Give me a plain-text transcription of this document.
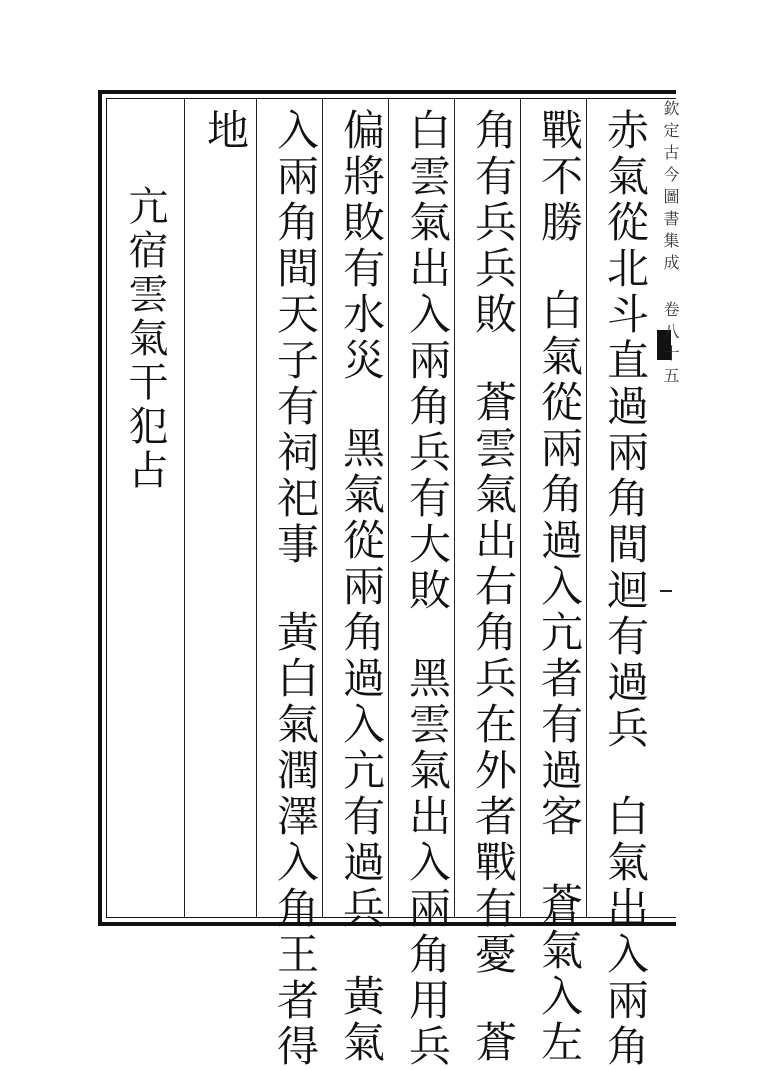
欽定古今圖書集成 卷八十五
赤氣從北斗直過兩角間迴有過兵白氣出入兩角
戰不勝白氣從兩角過入亢者有過客蒼氣入左
角有兵兵敗蒼雲氣出右角兵在外者戰有憂蒼
白雲氣出入兩角兵有大敗黑雲氣出入兩角用兵
偏將敗有水災黑氣從兩角過入亢有過兵黃氣
入兩角間天子有祠祀事黃白氣潤澤入角王者得
地
亢宿雲氣干犯占
